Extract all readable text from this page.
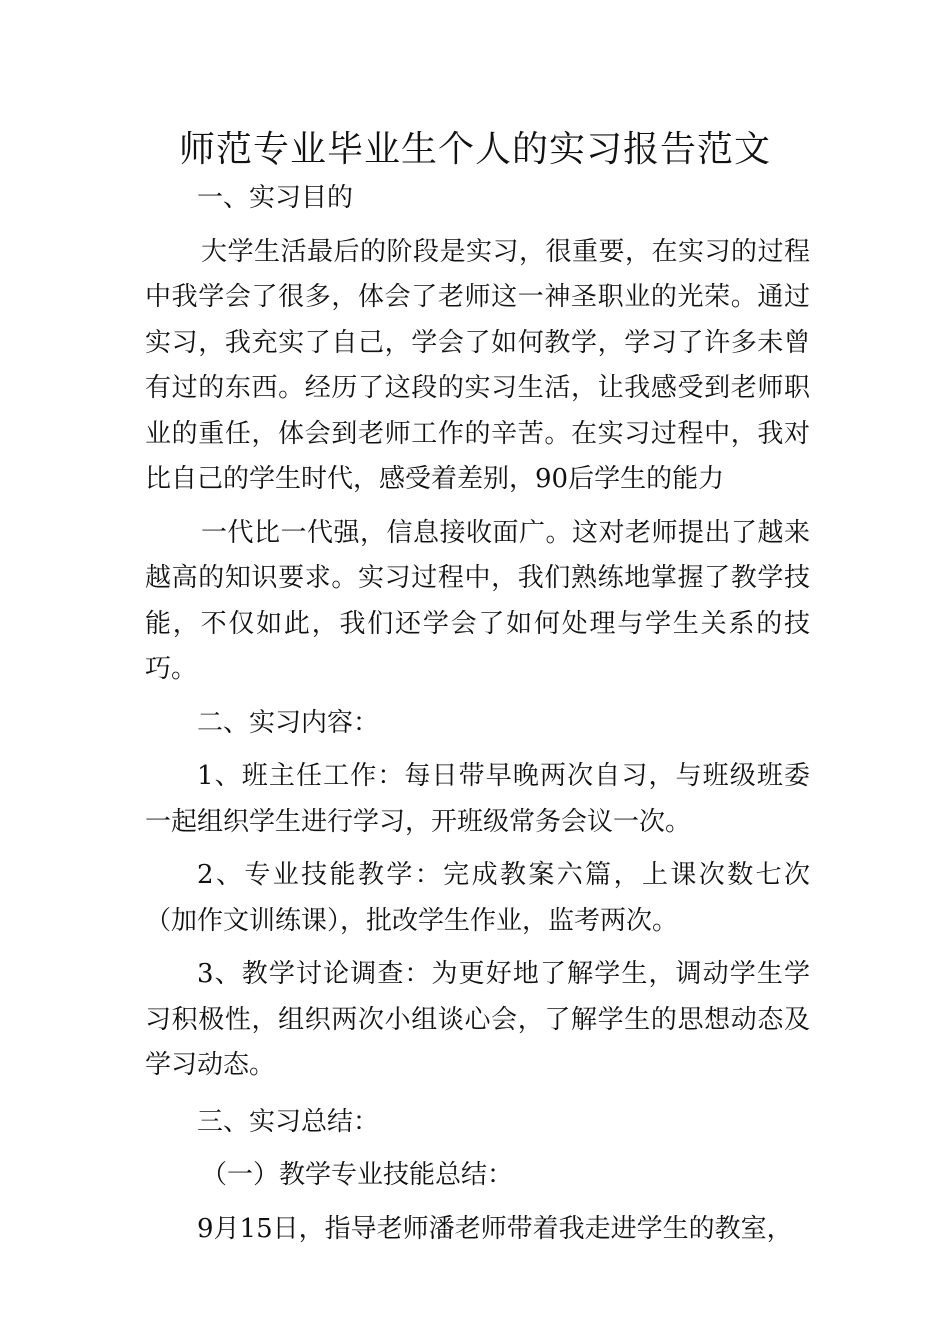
师范专业毕业生个人的实习报告范文

一、实习目的

大学生活最后的阶段是实习，很重要，在实习的过程中我学会了很多，体会了老师这一神圣职业的光荣。通过实习，我充实了自己，学会了如何教学，学习了许多未曾有过的东西。经历了这段的实习生活，让我感受到老师职业的重任，体会到老师工作的辛苦。在实习过程中，我对比自己的学生时代，感受着差别，90后学生的能力

一代比一代强，信息接收面广。这对老师提出了越来越高的知识要求。实习过程中，我们熟练地掌握了教学技能，不仅如此，我们还学会了如何处理与学生关系的技巧。

二、实习内容：

1、班主任工作：每日带早晚两次自习，与班级班委一起组织学生进行学习，开班级常务会议一次。

2、专业技能教学：完成教案六篇，上课次数七次（加作文训练课），批改学生作业，监考两次。

3、教学讨论调查：为更好地了解学生，调动学生学习积极性，组织两次小组谈心会，了解学生的思想动态及学习动态。

三、实习总结：

（一）教学专业技能总结：

9月15日，指导老师潘老师带着我走进学生的教室，
